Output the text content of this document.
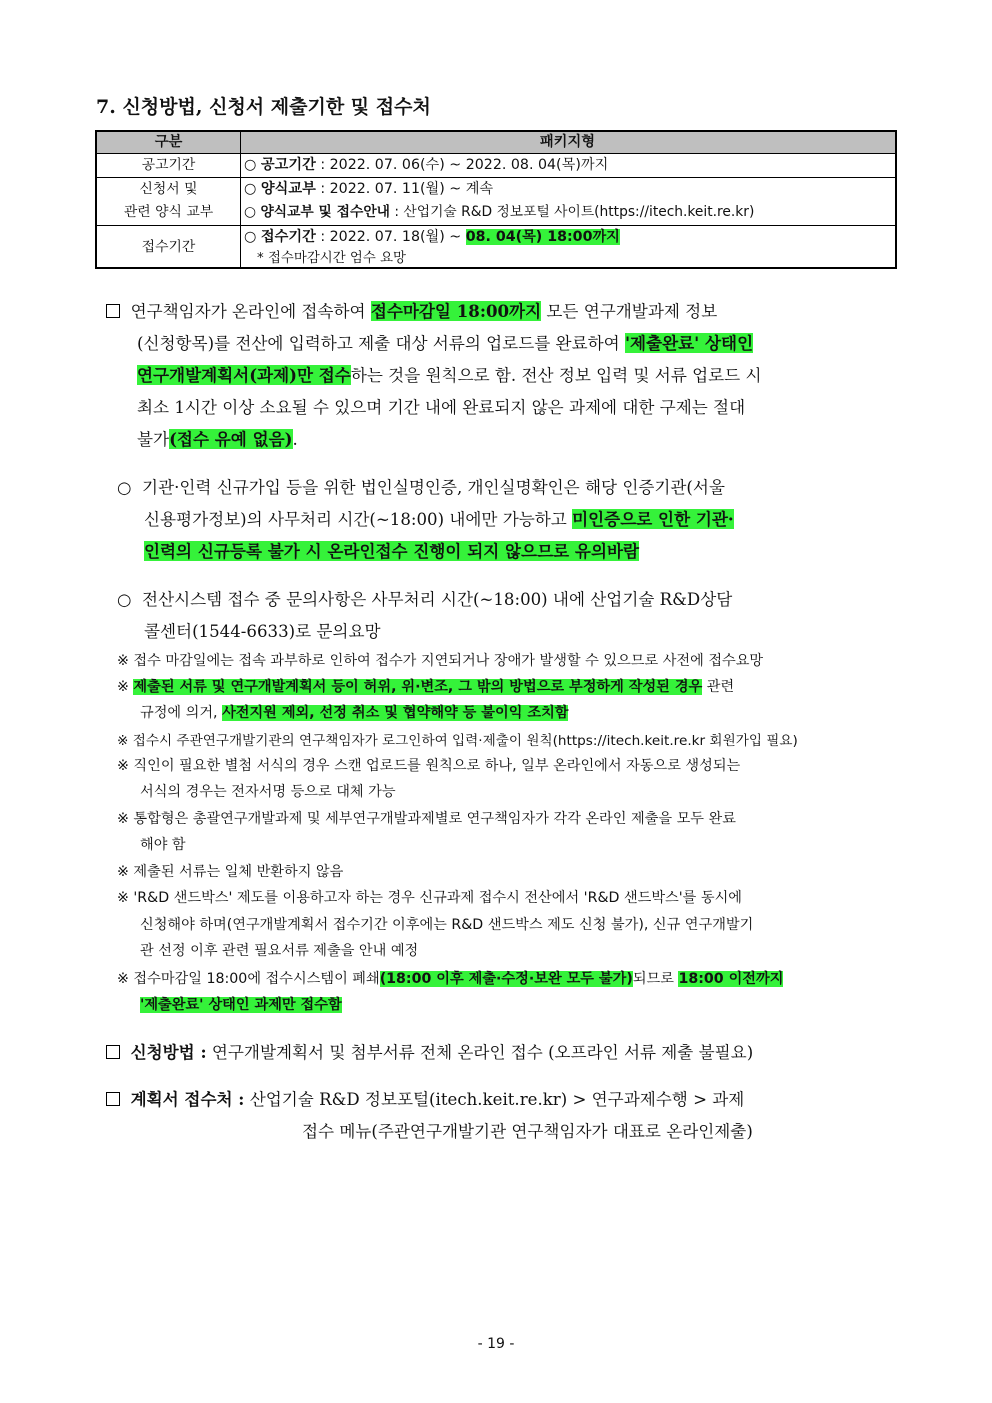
7. 신청방법, 신청서 제출기한 및 접수처
구분	패키지형
공고기간	○ 공고기간 : 2022. 07. 06(수) ~ 2022. 08. 04(목)까지
신청서 및
관련 양식 교부
○ 양식교부 : 2022. 07. 11(월) ~ 계속
○ 양식교부 및 접수안내 : 산업기술 R&D 정보포털 사이트(https://itech.keit.re.kr)
접수기간
○ 접수기간 : 2022. 07. 18(월) ~ 08. 04(목) 18:00까지
* 접수마감시간 엄수 요망
연구책임자가 온라인에 접속하여 접수마감일 18:00까지 모든 연구개발과제 정보
(신청항목)를 전산에 입력하고 제출 대상 서류의 업로드를 완료하여 '제출완료' 상태인
연구개발계획서(과제)만 접수하는 것을 원칙으로 함. 전산 정보 입력 및 서류 업로드 시
최소 1시간 이상 소요될 수 있으며 기간 내에 완료되지 않은 과제에 대한 구제는 절대
불가(접수 유예 없음).
○ 기관·인력 신규가입 등을 위한 법인실명인증, 개인실명확인은 해당 인증기관(서울
신용평가정보)의 사무처리 시간(~18:00) 내에만 가능하고 미인증으로 인한 기관·
인력의 신규등록 불가 시 온라인접수 진행이 되지 않으므로 유의바람
○ 전산시스템 접수 중 문의사항은 사무처리 시간(~18:00) 내에 산업기술 R&D상담
콜센터(1544-6633)로 문의요망
※ 접수 마감일에는 접속 과부하로 인하여 접수가 지연되거나 장애가 발생할 수 있으므로 사전에 접수요망
※ 제출된 서류 및 연구개발계획서 등이 허위, 위·변조, 그 밖의 방법으로 부정하게 작성된 경우 관련
규정에 의거, 사전지원 제외, 선정 취소 및 협약해약 등 불이익 조치함
※ 접수시 주관연구개발기관의 연구책임자가 로그인하여 입력·제출이 원칙(https://itech.keit.re.kr 회원가입 필요)
※ 직인이 필요한 별첨 서식의 경우 스캔 업로드를 원칙으로 하나, 일부 온라인에서 자동으로 생성되는
서식의 경우는 전자서명 등으로 대체 가능
※ 통합형은 총괄연구개발과제 및 세부연구개발과제별로 연구책임자가 각각 온라인 제출을 모두 완료
해야 함
※ 제출된 서류는 일체 반환하지 않음
※ 'R&D 샌드박스' 제도를 이용하고자 하는 경우 신규과제 접수시 전산에서 'R&D 샌드박스'를 동시에
신청해야 하며(연구개발계획서 접수기간 이후에는 R&D 샌드박스 제도 신청 불가), 신규 연구개발기
관 선정 이후 관련 필요서류 제출을 안내 예정
※ 접수마감일 18:00에 접수시스템이 폐쇄(18:00 이후 제출·수정·보완 모두 불가)되므로 18:00 이전까지
'제출완료' 상태인 과제만 접수함
신청방법 : 연구개발계획서 및 첨부서류 전체 온라인 접수 (오프라인 서류 제출 불필요)
계획서 접수처 : 산업기술 R&D 정보포털(itech.keit.re.kr) > 연구과제수행 > 과제
접수 메뉴(주관연구개발기관 연구책임자가 대표로 온라인제출)
- 19 -
